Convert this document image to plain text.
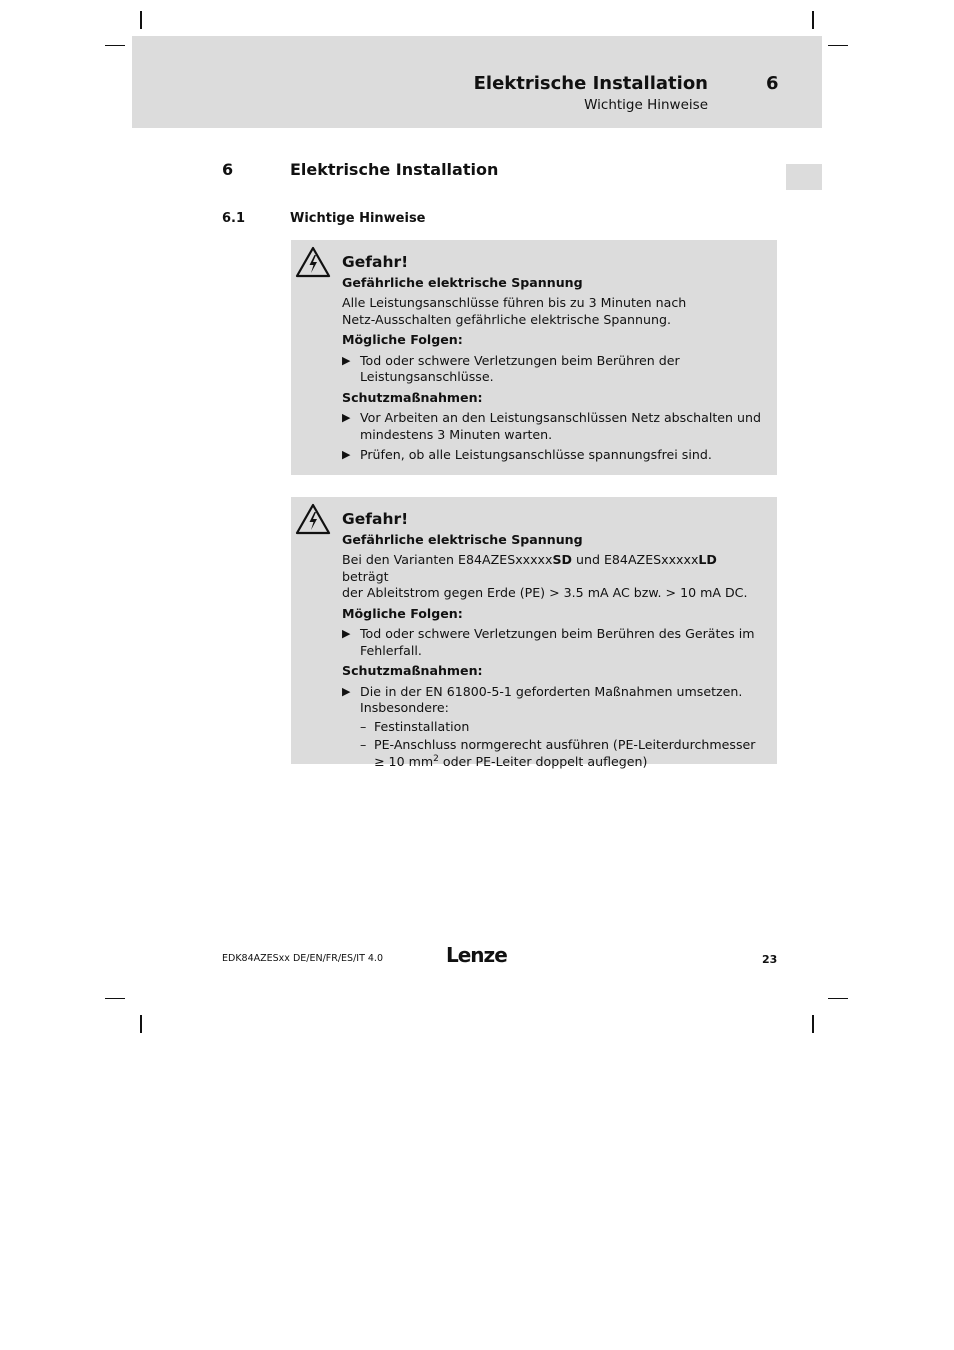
Elektrische Installation	6
Wichtige Hinweise
6	Elektrische Installation
6.1	Wichtige Hinweise
Gefahr!
Gefährliche elektrische Spannung
Alle Leistungsanschlüsse führen bis zu 3 Minuten nach
Netz-Ausschalten gefährliche elektrische Spannung.
Mögliche Folgen:
▶ Tod oder schwere Verletzungen beim Berühren der
Leistungsanschlüsse.
Schutzmaßnahmen:
▶ Vor Arbeiten an den Leistungsanschlüssen Netz abschalten und
mindestens 3 Minuten warten.
▶ Prüfen, ob alle Leistungsanschlüsse spannungsfrei sind.
Gefahr!
Gefährliche elektrische Spannung
Bei den Varianten E84AZESxxxxxSD und E84AZESxxxxxLD beträgt
der Ableitstrom gegen Erde (PE) > 3.5 mA AC bzw. > 10 mA DC.
Mögliche Folgen:
▶ Tod oder schwere Verletzungen beim Berühren des Gerätes im
Fehlerfall.
Schutzmaßnahmen:
▶ Die in der EN 61800-5-1 geforderten Maßnahmen umsetzen.
Insbesondere:
– Festinstallation
– PE-Anschluss normgerecht ausführen (PE-Leiterdurchmesser
≥ 10 $mm^2$ oder PE-Leiter doppelt auflegen)
EDK84AZESxx DE/EN/FR/ES/IT 4.0	Lenze	23
